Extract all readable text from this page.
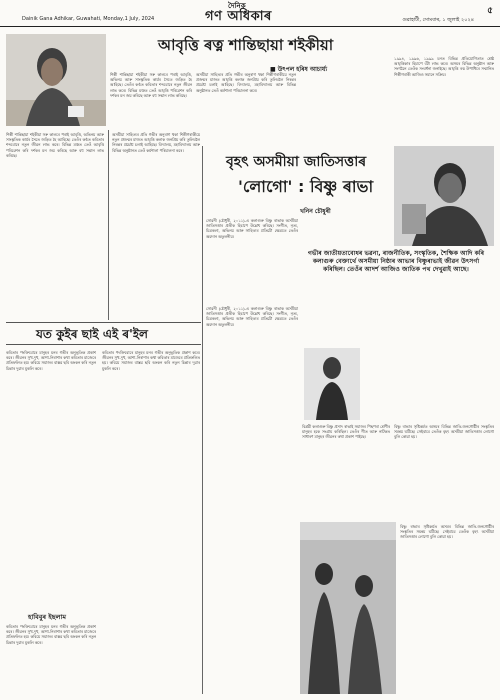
দৈনিক
গণ অধিকাৰ
Dainik Gana Adhikar, Guwahati, Monday,1 July, 2024	গুৱাহাটী, সোমবাৰ, ১ জুলাই ২০২৪
৫
আবৃত্তি ৰত্ন শান্তিছায়া শইকীয়া
■ উৎপল হৰিষ আচাৰ্য্য
শিল্পী শান্তিছায়া শইকীয়া সৰু কালৰে পৰাই আবৃত্তি, অভিনয় আৰু সাংস্কৃতিক কাৰ্যৰ সৈতে জড়িত হৈ আহিছে। তেওঁৰ কণ্ঠত কবিতাৰ শব্দবোৰে নতুন জীৱন লাভ কৰে। বিভিন্ন মঞ্চত তেওঁ আবৃত্তি পৰিৱেশন কৰি দৰ্শকৰ মন জয় কৰিছে আৰু বহু সন্মান লাভ কৰিছে।
অসমীয়া সাহিত্যৰ প্ৰতি গভীৰ অনুৰাগ থকা শিল্পীগৰাকীয়ে নতুন প্ৰজন্মৰ মাজত আবৃত্তি কলাক জনপ্ৰিয় কৰি তুলিবলৈ নিৰন্তৰ প্ৰচেষ্টা চলাই আহিছে। বিদ্যালয়, মহাবিদ্যালয় আৰু বিভিন্ন অনুষ্ঠানত তেওঁ কৰ্মশালা পৰিচালনা কৰে।
১৯৯৪, ১৯৯৬, ১৯৯৯ চনত বিভিন্ন প্ৰতিযোগিতাত শ্ৰেষ্ঠ আবৃত্তিকাৰ হিচাপে বঁটা লাভ কৰে। অসমৰ বিভিন্ন অনুষ্ঠান আৰু সংগঠনে তেওঁক সংবৰ্ধনা জনাইছে। আবৃত্তি ৰত্ন উপাধিৰে সন্মানিত শিল্পীগৰাকী আজিও সমানে সক্ৰিয়।
শিল্পী শান্তিছায়া শইকীয়া সৰু কালৰে পৰাই আবৃত্তি, অভিনয় আৰু সাংস্কৃতিক কাৰ্যৰ সৈতে জড়িত হৈ আহিছে। তেওঁৰ কণ্ঠত কবিতাৰ শব্দবোৰে নতুন জীৱন লাভ কৰে। বিভিন্ন মঞ্চত তেওঁ আবৃত্তি পৰিৱেশন কৰি দৰ্শকৰ মন জয় কৰিছে আৰু বহু সন্মান লাভ কৰিছে।
অসমীয়া সাহিত্যৰ প্ৰতি গভীৰ অনুৰাগ থকা শিল্পীগৰাকীয়ে নতুন প্ৰজন্মৰ মাজত আবৃত্তি কলাক জনপ্ৰিয় কৰি তুলিবলৈ নিৰন্তৰ প্ৰচেষ্টা চলাই আহিছে। বিদ্যালয়, মহাবিদ্যালয় আৰু বিভিন্ন অনুষ্ঠানত তেওঁ কৰ্মশালা পৰিচালনা কৰে।
যত কুইৰ ছাই এই ৰ'ইল
কবিতাৰ পংক্তিবোৰে মানুহৰ মনৰ গভীৰ অনুভূতিক প্ৰকাশ কৰে। জীৱনৰ সুখ-দুখ, আশা-নিৰাশাৰ কথা কবিতাৰ মাজেৰে প্ৰতিফলিত হয়। কবিয়ে সমাজৰ বাস্তৱ ছবি অংকন কৰি নতুন চিন্তাৰ দুৱাৰ মুকলি কৰে।
হাবিবুৰ ইছলাম
কবিতাৰ পংক্তিবোৰে মানুহৰ মনৰ গভীৰ অনুভূতিক প্ৰকাশ কৰে। জীৱনৰ সুখ-দুখ, আশা-নিৰাশাৰ কথা কবিতাৰ মাজেৰে প্ৰতিফলিত হয়। কবিয়ে সমাজৰ বাস্তৱ ছবি অংকন কৰি নতুন চিন্তাৰ দুৱাৰ মুকলি কৰে।
কবিতাৰ পংক্তিবোৰে মানুহৰ মনৰ গভীৰ অনুভূতিক প্ৰকাশ কৰে। জীৱনৰ সুখ-দুখ, আশা-নিৰাশাৰ কথা কবিতাৰ মাজেৰে প্ৰতিফলিত হয়। কবিয়ে সমাজৰ বাস্তৱ ছবি অংকন কৰি নতুন চিন্তাৰ দুৱাৰ মুকলি কৰে।
বৃহৎ অসমীয়া জাতিসত্তাৰ
'লোগো' : বিষ্ণু ৰাভা
খনিন চৌধুৰী
সোৱনী (চৌধুৰী, ২০১১)-এ কলাগুৰু বিষ্ণু ৰাভাক অসমীয়া জাতিসত্তাৰ প্ৰতীক হিচাপে উল্লেখ কৰিছে। সংগীত, নৃত্য, চিত্ৰকলা, অভিনয় আৰু সাহিত্যৰ প্ৰতিটো ক্ষেত্ৰতে তেওঁৰ অৱদান অতুলনীয়।
সোৱনী (চৌধুৰী, ২০১১)-এ কলাগুৰু বিষ্ণু ৰাভাক অসমীয়া জাতিসত্তাৰ প্ৰতীক হিচাপে উল্লেখ কৰিছে। সংগীত, নৃত্য, চিত্ৰকলা, অভিনয় আৰু সাহিত্যৰ প্ৰতিটো ক্ষেত্ৰতে তেওঁৰ অৱদান অতুলনীয়।
গভীৰ জাতীয়তাবোধৰ ভৱনা, ৰাজনীতিক, সংস্কৃতিক, শৈক্ষিক আদি কৰি কলাগুৰু বেক্তাৰ্থে অসমীয়া নিষ্ঠাৰ আভাৰ বিষ্ণুৰাভাই জীৱন উৎসৰ্গা কৰিছিল। তেওঁৰ আদৰ্শ আজিও জাতিক পথ দেখুৱাই আছে।
বিপ্লৱী কলাগুৰু বিষ্ণু প্ৰসাদ ৰাভাই সমাজৰ পিছপৰা শ্ৰেণীৰ মানুহৰ হকে সংগ্ৰাম কৰিছিল। তেওঁৰ গীত আৰু নাটকত সাধাৰণ মানুহৰ জীৱনৰ কথা প্ৰকাশ পাইছে।
বিষ্ণু ৰাভাৰ সৃষ্টিকৰ্মত অসমৰ বিভিন্ন জাতি-জনগোষ্ঠীৰ সংস্কৃতিৰ সমন্বয় ঘটিছে। সেইবাবে তেওঁক বৃহৎ অসমীয়া জাতিসত্তাৰ লোগো বুলি কোৱা হয়।
বিষ্ণু ৰাভাৰ সৃষ্টিকৰ্মত অসমৰ বিভিন্ন জাতি-জনগোষ্ঠীৰ সংস্কৃতিৰ সমন্বয় ঘটিছে। সেইবাবে তেওঁক বৃহৎ অসমীয়া জাতিসত্তাৰ লোগো বুলি কোৱা হয়।
